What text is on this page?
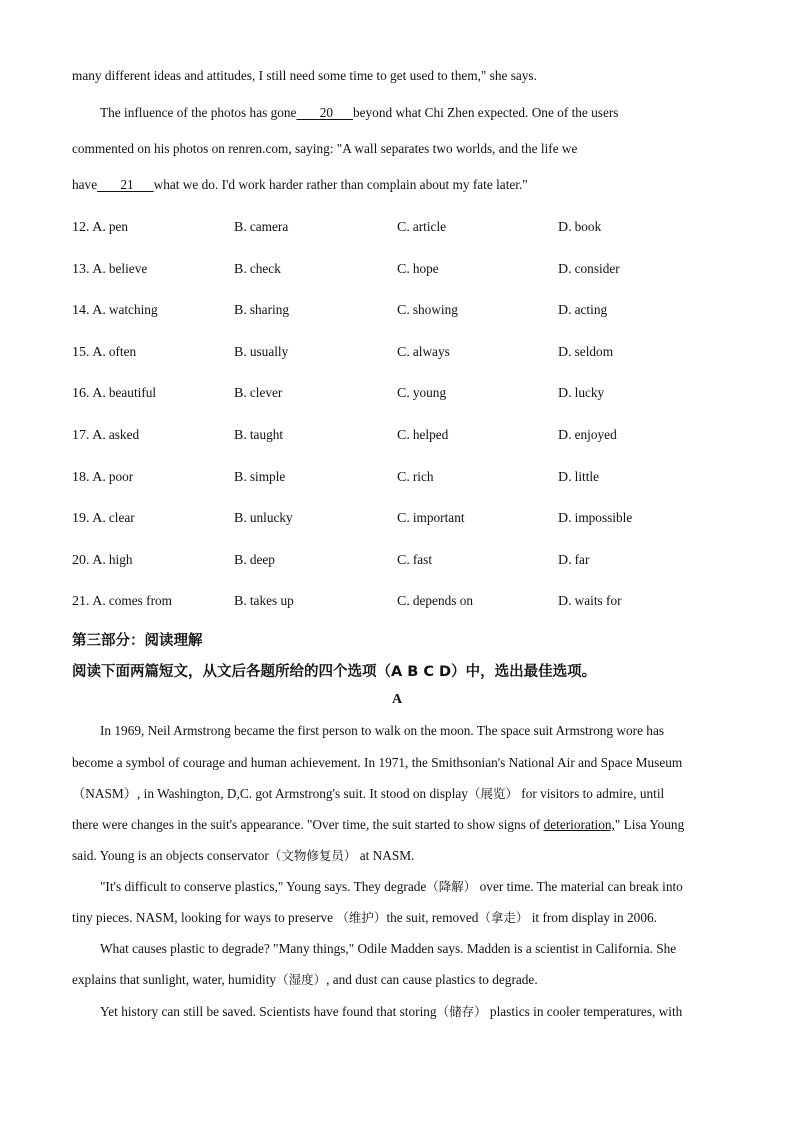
many different ideas and attitudes, I still need some time to get used to them," she says.
The influence of the photos has gone 20 beyond what Chi Zhen expected. One of the users
commented on his photos on renren.com, saying: "A wall separates two worlds, and the life we
have 21 what we do. I'd work harder rather than complain about my fate later."
12. A. pen	B. camera	C. article	D. book
13. A. believe	B. check	C. hope	D. consider
14. A. watching	B. sharing	C. showing	D. acting
15. A. often	B. usually	C. always	D. seldom
16. A. beautiful	B. clever	C. young	D. lucky
17. A. asked	B. taught	C. helped	D. enjoyed
18. A. poor	B. simple	C. rich	D. little
19. A. clear	B. unlucky	C. important	D. impossible
20. A. high	B. deep	C. fast	D. far
21. A. comes from	B. takes up	C. depends on	D. waits for
第三部分：阅读理解
阅读下面两篇短文，从文后各题所给的四个选项（A B C D）中，选出最佳选项。
A
In 1969, Neil Armstrong became the first person to walk on the moon. The space suit Armstrong wore has
become a symbol of courage and human achievement. In 1971, the Smithsonian's National Air and Space Museum
（NASM）, in Washington, D,C. got Armstrong's suit. It stood on display（展览） for visitors to admire, until
there were changes in the suit's appearance. "Over time, the suit started to show signs of deterioration," Lisa Young
said. Young is an objects conservator（文物修复员） at NASM.
"It's difficult to conserve plastics," Young says. They degrade（降解） over time. The material can break into
tiny pieces. NASM, looking for ways to preserve （维护）the suit, removed（拿走） it from display in 2006.
What causes plastic to degrade? "Many things," Odile Madden says. Madden is a scientist in California. She
explains that sunlight, water, humidity（湿度）, and dust can cause plastics to degrade.
Yet history can still be saved. Scientists have found that storing（储存） plastics in cooler temperatures, with
